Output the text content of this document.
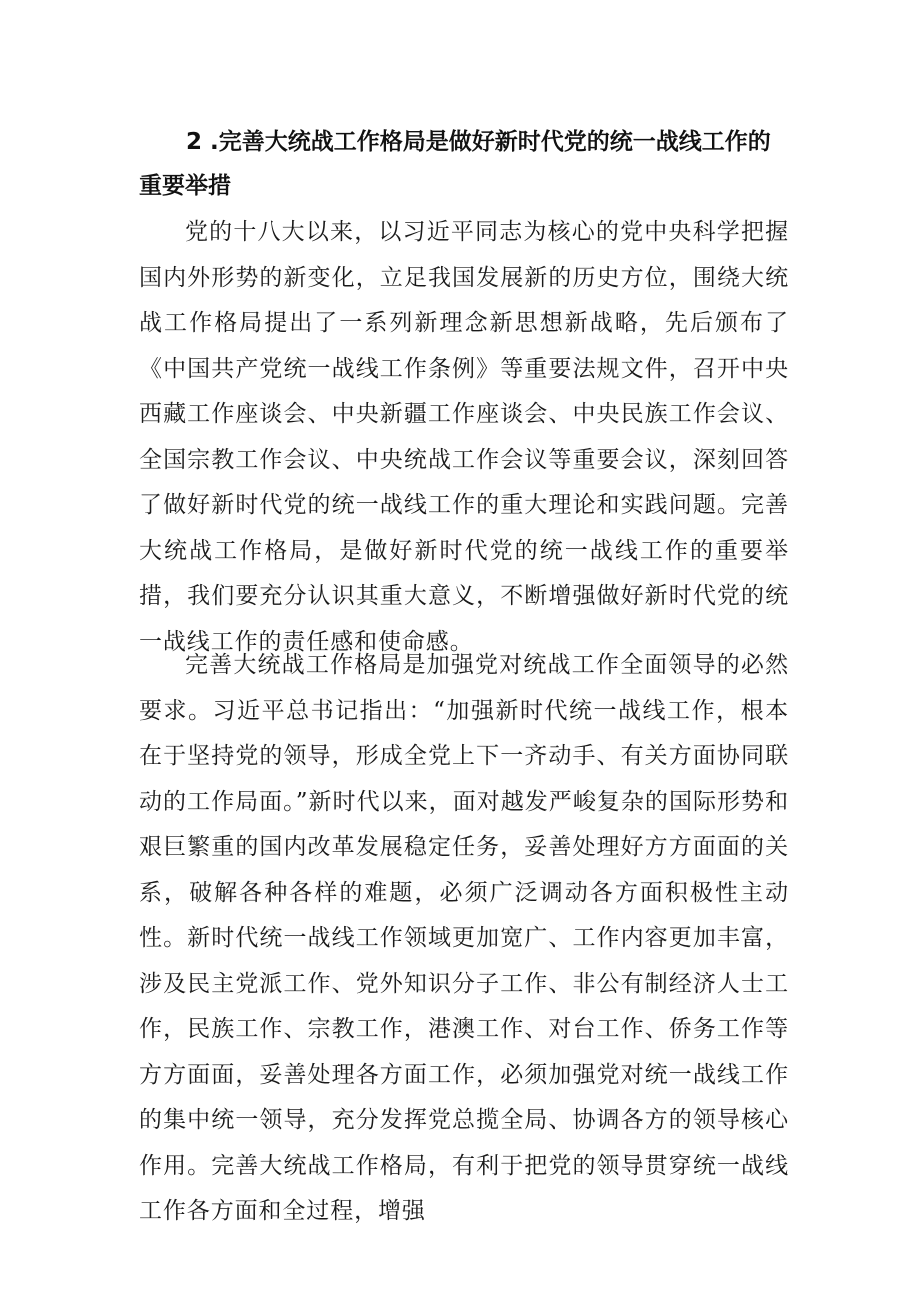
2 .完善大统战工作格局是做好新时代党的统一战线工作的重要举措

党的十八大以来，以习近平同志为核心的党中央科学把握国内外形势的新变化，立足我国发展新的历史方位，围绕大统战工作格局提出了一系列新理念新思想新战略，先后颁布了《中国共产党统一战线工作条例》等重要法规文件，召开中央西藏工作座谈会、中央新疆工作座谈会、中央民族工作会议、全国宗教工作会议、中央统战工作会议等重要会议，深刻回答了做好新时代党的统一战线工作的重大理论和实践问题。完善大统战工作格局，是做好新时代党的统一战线工作的重要举措，我们要充分认识其重大意义，不断增强做好新时代党的统一战线工作的责任感和使命感。

完善大统战工作格局是加强党对统战工作全面领导的必然要求。习近平总书记指出：“加强新时代统一战线工作，根本在于坚持党的领导，形成全党上下一齐动手、有关方面协同联动的工作局面。”新时代以来，面对越发严峻复杂的国际形势和艰巨繁重的国内改革发展稳定任务，妥善处理好方方面面的关系，破解各种各样的难题，必须广泛调动各方面积极性主动性。新时代统一战线工作领域更加宽广、工作内容更加丰富，涉及民主党派工作、党外知识分子工作、非公有制经济人士工作，民族工作、宗教工作，港澳工作、对台工作、侨务工作等方方面面，妥善处理各方面工作，必须加强党对统一战线工作的集中统一领导，充分发挥党总揽全局、协调各方的领导核心作用。完善大统战工作格局，有利于把党的领导贯穿统一战线工作各方面和全过程，增强
